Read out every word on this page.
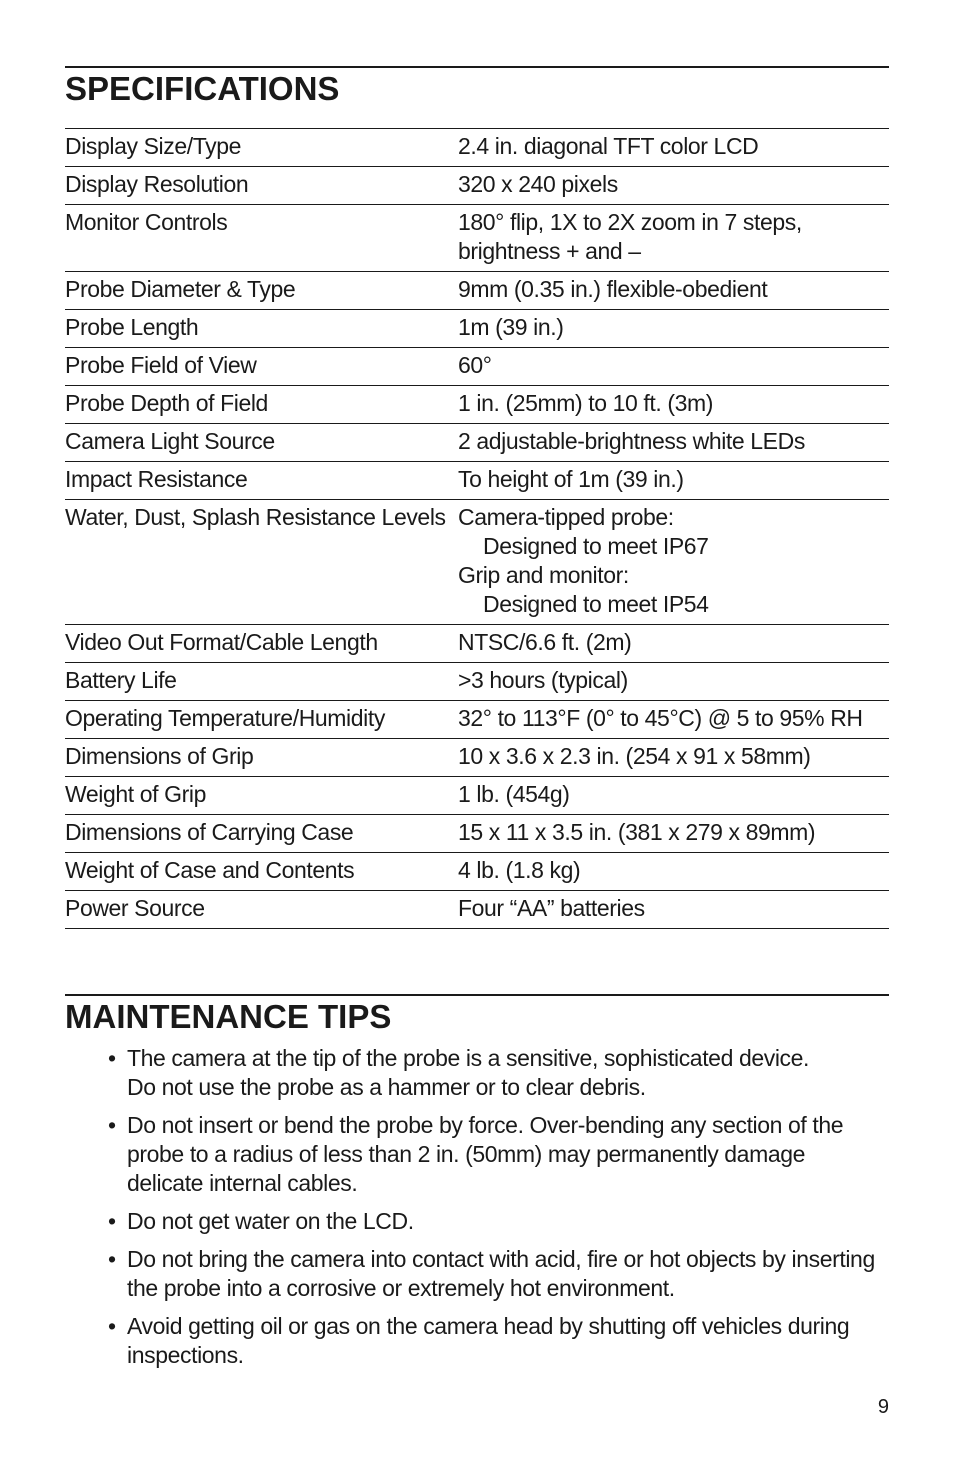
SPECIFICATIONS
Display Size/Type	2.4 in. diagonal TFT color LCD

Display Resolution	320 x 240 pixels

Monitor Controls	180° flip, 1X to 2X zoom in 7 steps,
brightness + and –

Probe Diameter & Type	9mm (0.35 in.) flexible-obedient

Probe Length	1m (39 in.)

Probe Field of View	60°

Probe Depth of Field	1 in. (25mm) to 10 ft. (3m)

Camera Light Source	2 adjustable-brightness white LEDs

Impact Resistance	To height of 1m (39 in.)

Water, Dust, Splash Resistance Levels	Camera-tipped probe:
Designed to meet IP67
Grip and monitor:
Designed to meet IP54

Video Out Format/Cable Length	NTSC/6.6 ft. (2m)

Battery Life	>3 hours (typical)

Operating Temperature/Humidity	32° to 113°F (0° to 45°C) @ 5 to 95% RH

Dimensions of Grip	10 x 3.6 x 2.3 in. (254 x 91 x 58mm)

Weight of Grip	1 lb. (454g)

Dimensions of Carrying Case	15 x 11 x 3.5 in. (381 x 279 x 89mm)

Weight of Case and Contents	4 lb. (1.8 kg)

Power Source	Four “AA” batteries
MAINTENANCE TIPS
• The camera at the tip of the probe is a sensitive, sophisticated device.
Do not use the probe as a hammer or to clear debris.
• Do not insert or bend the probe by force. Over-bending any section of the
probe to a radius of less than 2 in. (50mm) may permanently damage
delicate internal cables.
• Do not get water on the LCD.
• Do not bring the camera into contact with acid, fire or hot objects by inserting
the probe into a corrosive or extremely hot environment.
• Avoid getting oil or gas on the camera head by shutting off vehicles during
inspections.
9
